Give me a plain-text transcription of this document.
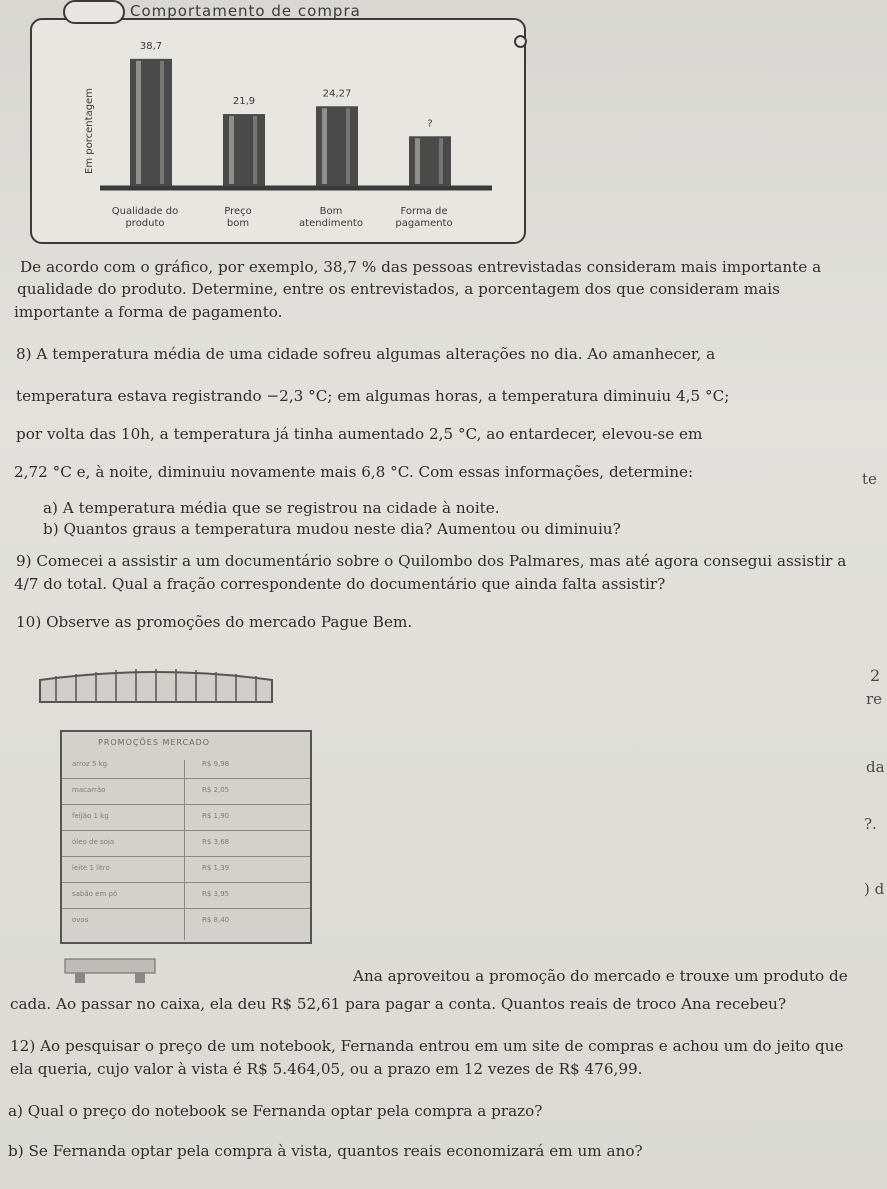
Comportamento de compra
Em porcentagem
38,7
Qualidade do
produto
21,9
Preço
bom
24,27
Bom
atendimento
?
Forma de
pagamento
De acordo com o gráfico, por exemplo, 38,7 % das pessoas entrevistadas consideram mais importante a
qualidade do produto. Determine, entre os entrevistados, a porcentagem dos que consideram mais
importante a forma de pagamento.
8) A temperatura média de uma cidade sofreu algumas alterações no dia. Ao amanhecer, a
temperatura estava registrando −2,3 °C; em algumas horas, a temperatura diminuiu 4,5 °C;
por volta das 10h, a temperatura já tinha aumentado 2,5 °C, ao entardecer, elevou-se em
2,72 °C e, à noite, diminuiu novamente mais 6,8 °C. Com essas informações, determine:
a) A temperatura média que se registrou na cidade à noite.
b) Quantos graus a temperatura mudou neste dia? Aumentou ou diminuiu?
9) Comecei a assistir a um documentário sobre o Quilombo dos Palmares, mas até agora consegui assistir a
4/7 do total. Qual a fração correspondente do documentário que ainda falta assistir?
10) Observe as promoções do mercado Pague Bem.
Ana aproveitou a promoção do mercado e trouxe um produto de
cada. Ao passar no caixa, ela deu R$ 52,61 para pagar a conta. Quantos reais de troco Ana recebeu?
12) Ao pesquisar o preço de um notebook, Fernanda entrou em um site de compras e achou um do jeito que
ela queria, cujo valor à vista é R$ 5.464,05, ou a prazo em 12 vezes de R$ 476,99.
a) Qual o preço do notebook se Fernanda optar pela compra a prazo?
b) Se Fernanda optar pela compra à vista, quantos reais economizará em um ano?
te
2
re
da
?.
) d
PROMOÇÕES MERCADO
arroz 5 kg	R$ 9,98
macarrão	R$ 2,05
feijão 1 kg	R$ 1,90
óleo de soja	R$ 3,68
leite 1 litro	R$ 1,39
sabão em pó	R$ 3,95
ovos	R$ 8,40
